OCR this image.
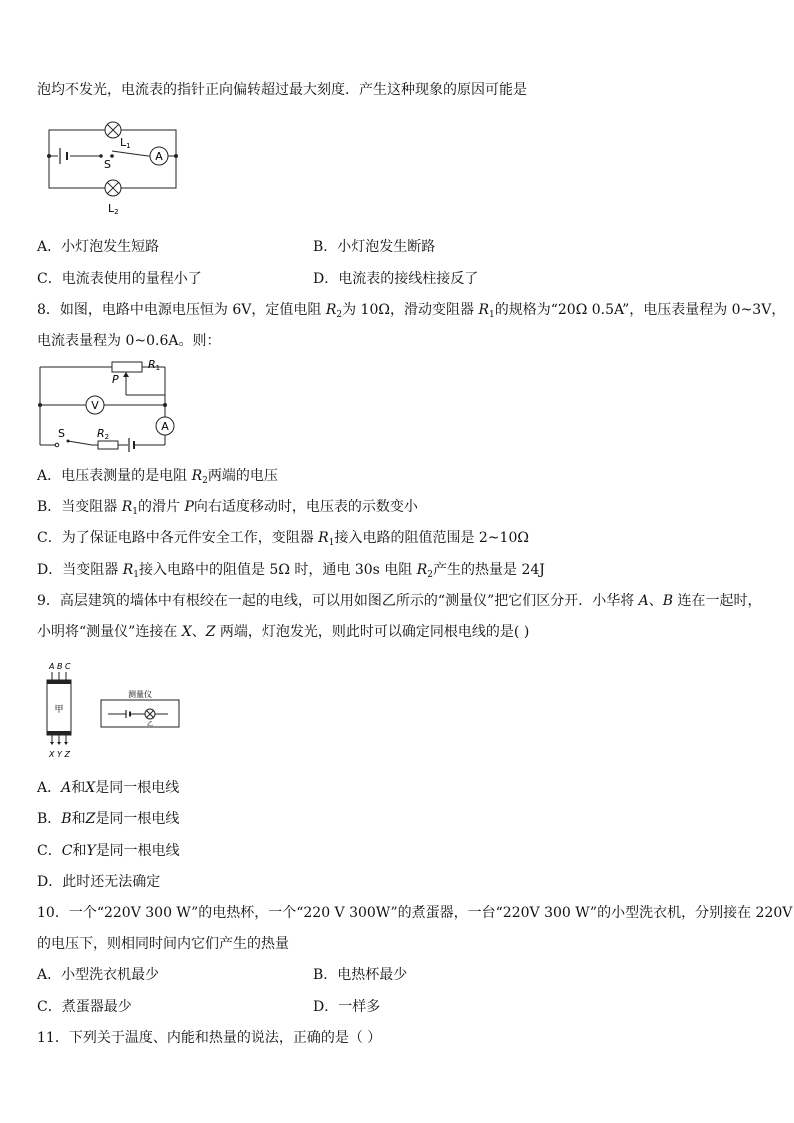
泡均不发光，电流表的指针正向偏转超过最大刻度．产生这种现象的原因可能是
A
L1
S
L2
A．小灯泡发生短路	B．小灯泡发生断路
C．电流表使用的量程小了	D．电流表的接线柱接反了
8．如图，电路中电源电压恒为 6V，定值电阻 $R_2$为 10Ω，滑动变阻器 $R_1$的规格为“20Ω 0.5A”，电压表量程为 0~3V，
电流表量程为 0~0.6A。则：
V
A
P
R1
R2
S
A．电压表测量的是电阻 $R_2$两端的电压
B．当变阻器 $R_1$的滑片 P向右适度移动时，电压表的示数变小
C．为了保证电路中各元件安全工作，变阻器 $R_1$接入电路的阻值范围是 2~10Ω
D．当变阻器 $R_1$接入电路中的阻值是 5Ω 时，通电 30s 电阻 $R_2$产生的热量是 24J
9．高层建筑的墙体中有根绞在一起的电线，可以用如图乙所示的“测量仪”把它们区分开．小华将 A、B 连在一起时，
小明将“测量仪”连接在 X、Z 两端，灯泡发光，则此时可以确定同根电线的是( )
A B C
甲
X Y Z
测量仪
乙
A．A和X是同一根电线
B．B和Z是同一根电线
C．C和Y是同一根电线
D．此时还无法确定
10．一个“220V 300 W”的电热杯，一个“220 V 300W”的煮蛋器，一台“220V 300 W”的小型洗衣机，分别接在 220V
的电压下，则相同时间内它们产生的热量
A．小型洗衣机最少	B．电热杯最少
C．煮蛋器最少	D．一样多
11．下列关于温度、内能和热量的说法，正确的是（ ）
